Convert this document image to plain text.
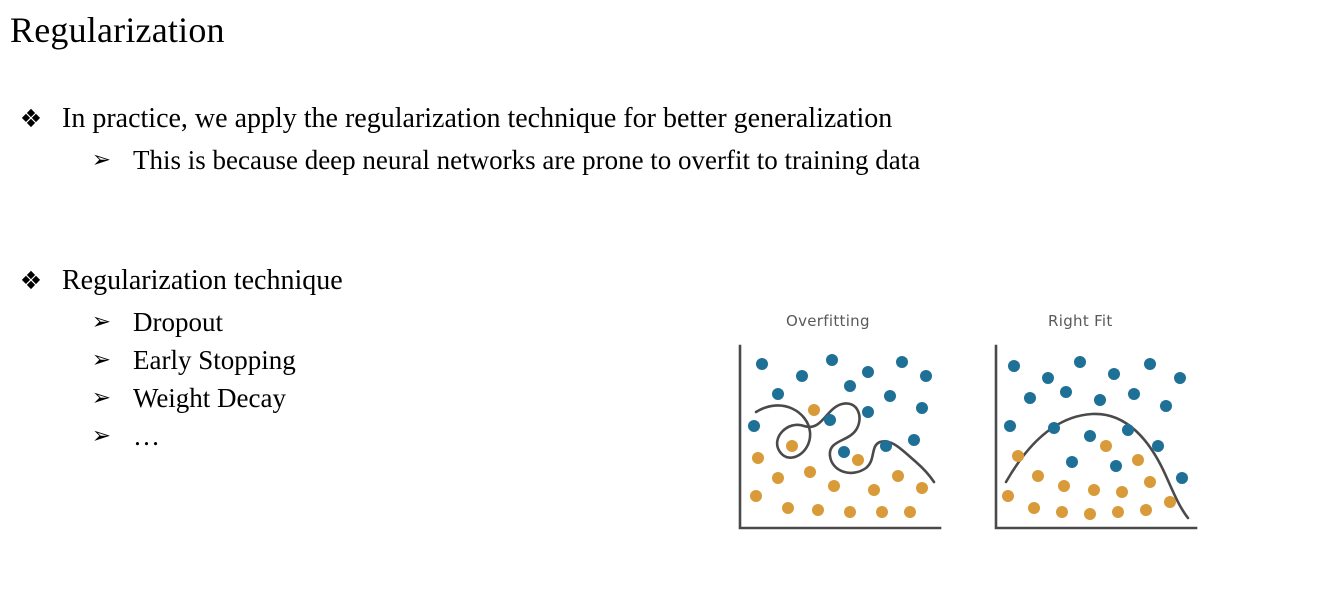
Regularization
❖ In practice, we apply the regularization technique for better generalization
➢ This is because deep neural networks are prone to overfit to training data
❖ Regularization technique
➢ Dropout
➢ Early Stopping
➢ Weight Decay
➢ …
Overfitting	Right Fit
